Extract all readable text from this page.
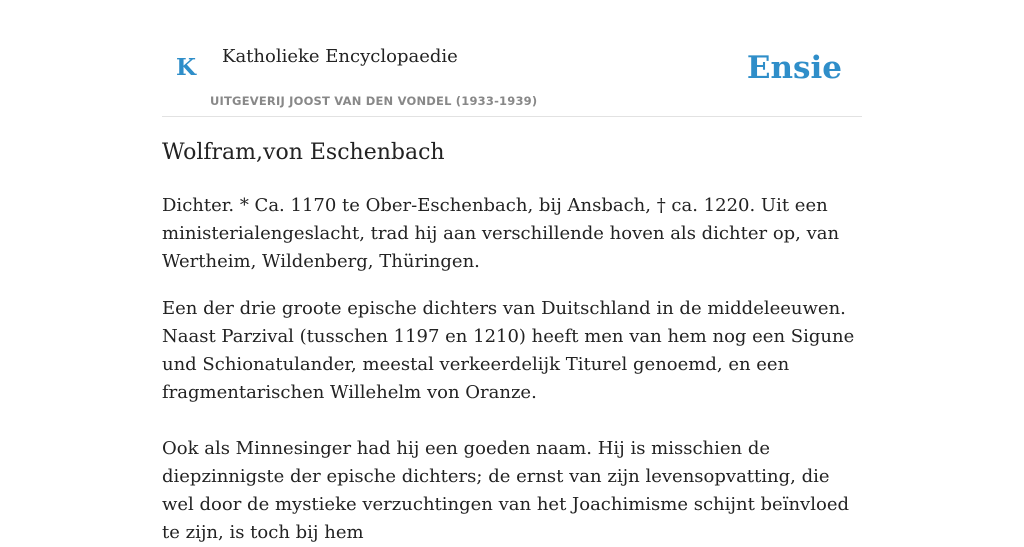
K Katholieke Encyclopaedie
UITGEVERIJ JOOST VAN DEN VONDEL (1933-1939)
Ensie
Wolfram,von Eschenbach

Dichter. * Ca. 1170 te Ober-Eschenbach, bij Ansbach, † ca. 1220. Uit een ministerialengeslacht, trad hij aan verschillende hoven als dichter op, van Wertheim, Wildenberg, Thüringen.

Een der drie groote epische dichters van Duitschland in de middeleeuwen. Naast Parzival (tusschen 1197 en 1210) heeft men van hem nog een Sigune und Schionatulander, meestal verkeerdelijk Titurel genoemd, en een fragmentarischen Willehelm von Oranze.

Ook als Minnesinger had hij een goeden naam. Hij is misschien de diepzinnigste der epische dichters; de ernst van zijn levensopvatting, die wel door de mystieke verzuchtingen van het Joachimisme schijnt beïnvloed te zijn, is toch bij hem
